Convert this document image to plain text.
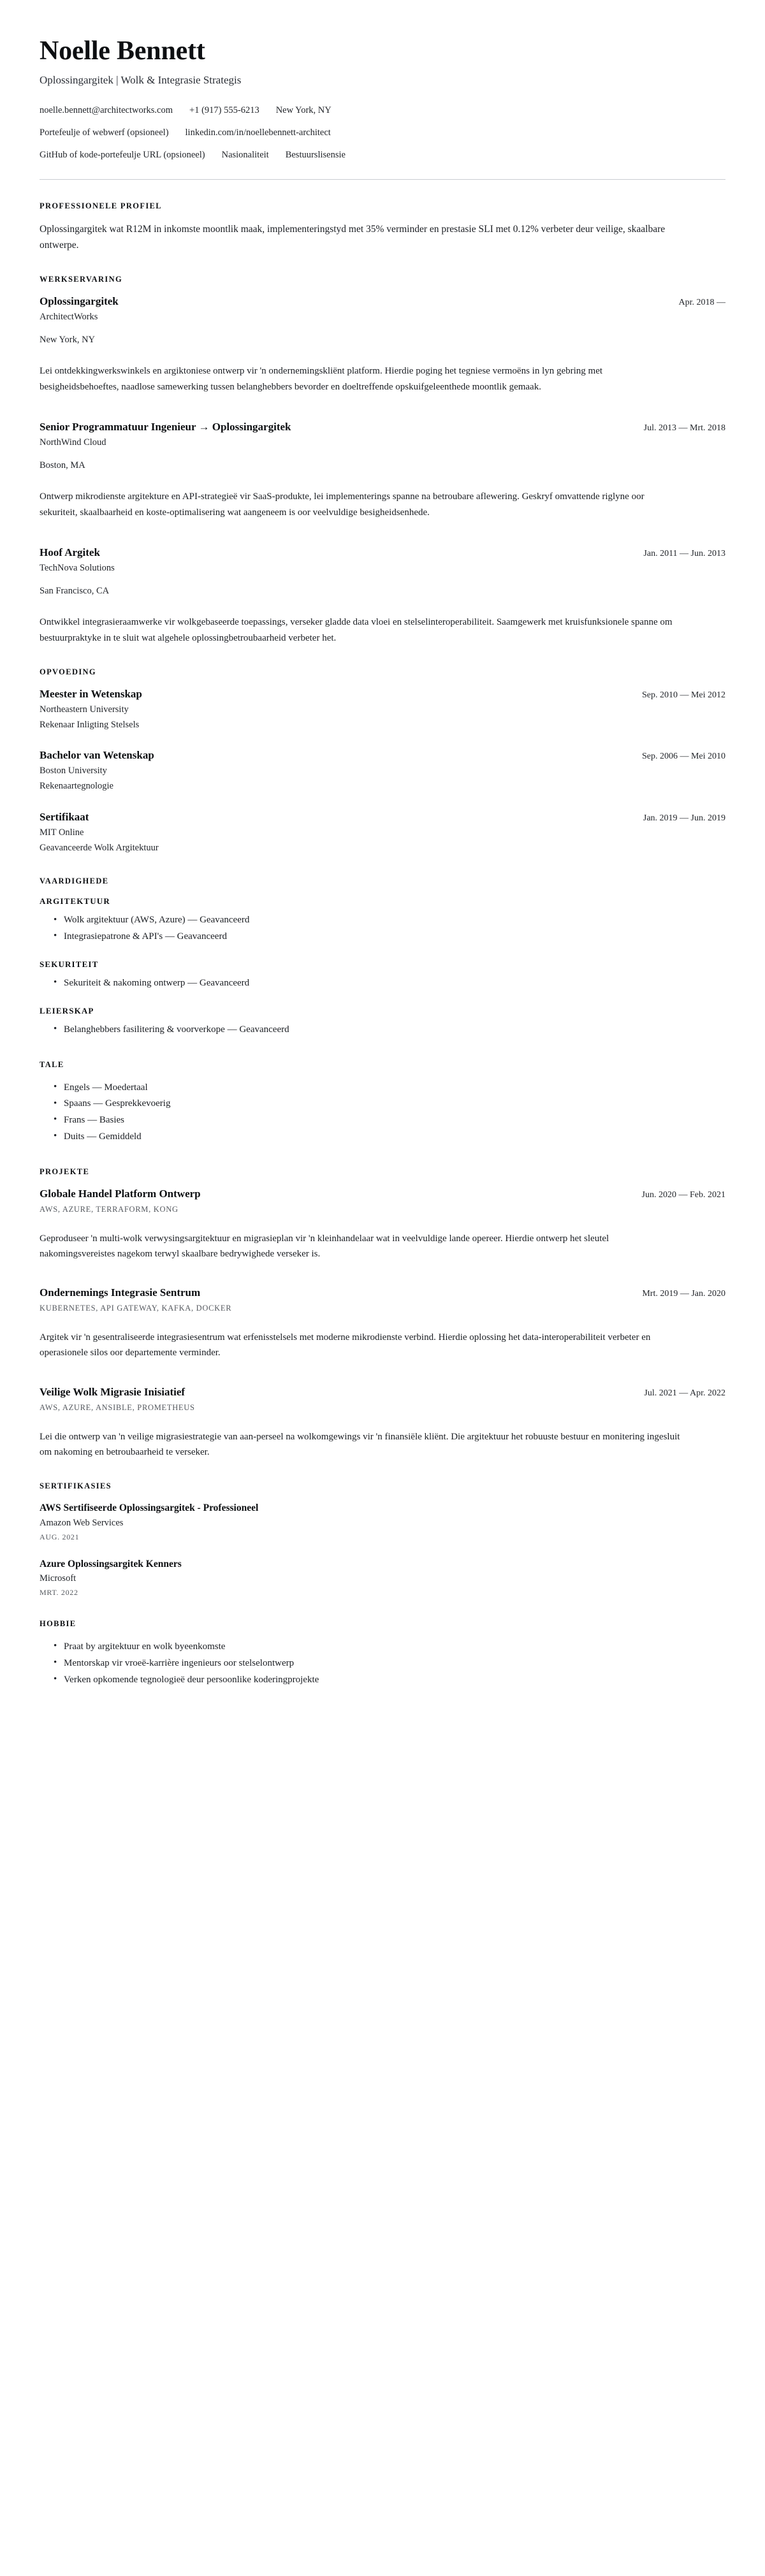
Noelle Bennett
Oplossingargitek | Wolk & Integrasie Strategis
noelle.bennett@architectworks.com +1 (917) 555-6213 New York, NY
Portefeulje of webwerf (opsioneel) linkedin.com/in/noellebennett-architect
GitHub of kode-portefeulje URL (opsioneel) Nasionaliteit Bestuurslisensie
PROFESSIONELE PROFIEL

Oplossingargitek wat R12M in inkomste moontlik maak, implementeringstyd met 35% verminder en prestasie SLI met 0.12% verbeter deur veilige, skaalbare ontwerpe.

WERKSERVARING
Oplossingargitek	Apr. 2018 —
ArchitectWorks
New York, NY

Lei ontdekkingwerkswinkels en argiktoniese ontwerp vir 'n ondernemingskliënt platform. Hierdie poging het tegniese vermoëns in lyn gebring met besigheidsbehoeftes, naadlose samewerking tussen belanghebbers bevorder en doeltreffende opskuifgeleenthede moontlik gemaak.

Senior Programmatuur Ingenieur → Oplossingargitek	Jul. 2013 — Mrt. 2018
NorthWind Cloud
Boston, MA

Ontwerp mikrodienste argitekture en API-strategieë vir SaaS-produkte, lei implementerings spanne na betroubare aflewering. Geskryf omvattende riglyne oor sekuriteit, skaalbaarheid en koste-optimalisering wat aangeneem is oor veelvuldige besigheidsenhede.

Hoof Argitek	Jan. 2011 — Jun. 2013
TechNova Solutions
San Francisco, CA

Ontwikkel integrasieraamwerke vir wolkgebaseerde toepassings, verseker gladde data vloei en stelselinteroperabiliteit. Saamgewerk met kruisfunksionele spanne om bestuurpraktyke in te sluit wat algehele oplossingbetroubaarheid verbeter het.

OPVOEDING
Meester in Wetenskap	Sep. 2010 — Mei 2012
Northeastern University
Rekenaar Inligting Stelsels
Bachelor van Wetenskap	Sep. 2006 — Mei 2010
Boston University
Rekenaartegnologie
Sertifikaat	Jan. 2019 — Jun. 2019
MIT Online
Geavanceerde Wolk Argitektuur
VAARDIGHEDE
ARGITEKTUUR
• Wolk argitektuur (AWS, Azure) — Geavanceerd
• Integrasiepatrone & API's — Geavanceerd
SEKURITEIT
• Sekuriteit & nakoming ontwerp — Geavanceerd
LEIERSKAP
• Belanghebbers fasilitering & voorverkope — Geavanceerd
TALE
• Engels — Moedertaal
• Spaans — Gesprekkevoerig
• Frans — Basies
• Duits — Gemiddeld
PROJEKTE
Globale Handel Platform Ontwerp	Jun. 2020 — Feb. 2021
AWS, AZURE, TERRAFORM, KONG

Geproduseer 'n multi-wolk verwysingsargitektuur en migrasieplan vir 'n kleinhandelaar wat in veelvuldige lande opereer. Hierdie ontwerp het sleutel nakomingsvereistes nagekom terwyl skaalbare bedrywighede verseker is.

Ondernemings Integrasie Sentrum	Mrt. 2019 — Jan. 2020
KUBERNETES, API GATEWAY, KAFKA, DOCKER

Argitek vir 'n gesentraliseerde integrasiesentrum wat erfenisstelsels met moderne mikrodienste verbind. Hierdie oplossing het data-interoperabiliteit verbeter en operasionele silos oor departemente verminder.

Veilige Wolk Migrasie Inisiatief	Jul. 2021 — Apr. 2022
AWS, AZURE, ANSIBLE, PROMETHEUS

Lei die ontwerp van 'n veilige migrasiestrategie van aan-perseel na wolkomgewings vir 'n finansiële kliënt. Die argitektuur het robuuste bestuur en monitering ingesluit om nakoming en betroubaarheid te verseker.

SERTIFIKASIES
AWS Sertifiseerde Oplossingsargitek - Professioneel
Amazon Web Services
AUG. 2021
Azure Oplossingsargitek Kenners
Microsoft
MRT. 2022
HOBBIE
• Praat by argitektuur en wolk byeenkomste
• Mentorskap vir vroeë-karrière ingenieurs oor stelselontwerp
• Verken opkomende tegnologieë deur persoonlike koderingprojekte
